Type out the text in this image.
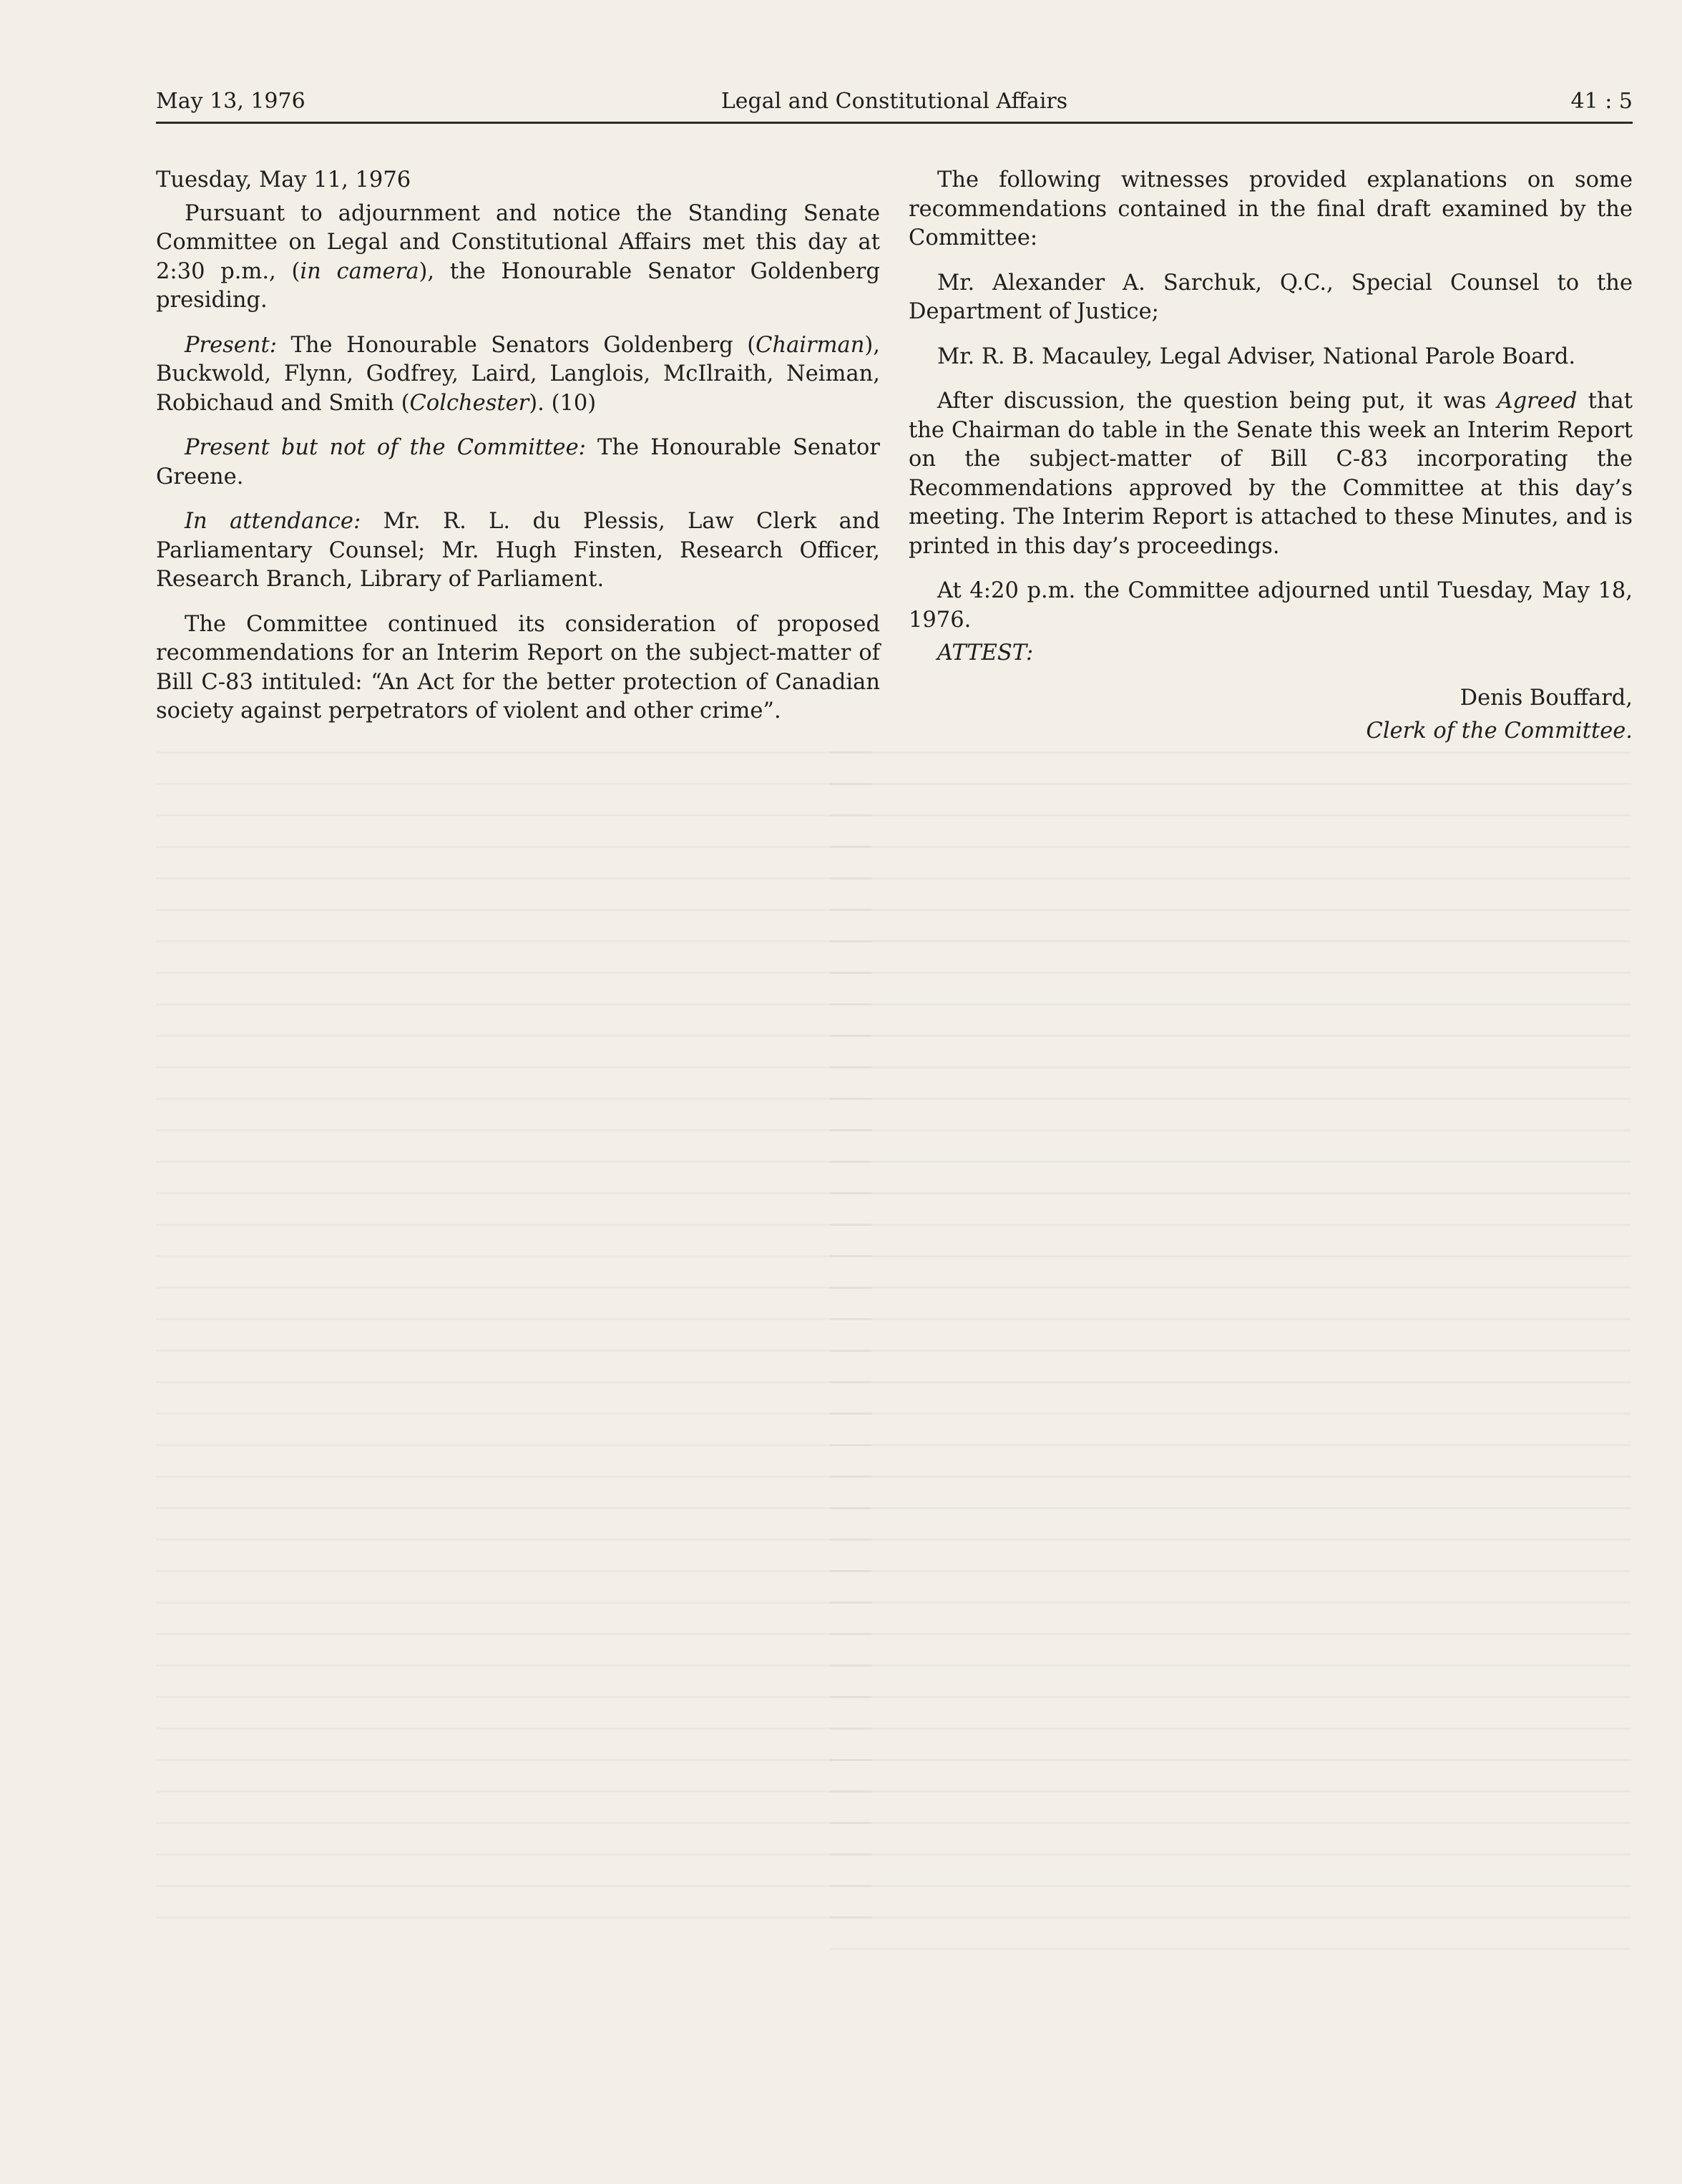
May 13, 1976	Legal and Constitutional Affairs	41 : 5

Tuesday, May 11, 1976

Pursuant to adjournment and notice the Standing Senate Committee on Legal and Constitutional Affairs met this day at 2:30 p.m., (in camera), the Honourable Senator Goldenberg presiding.

Present: The Honourable Senators Goldenberg (Chairman), Buckwold, Flynn, Godfrey, Laird, Langlois, McIlraith, Neiman, Robichaud and Smith (Colchester). (10)

Present but not of the Committee: The Honourable Senator Greene.

In attendance: Mr. R. L. du Plessis, Law Clerk and Parliamentary Counsel; Mr. Hugh Finsten, Research Officer, Research Branch, Library of Parliament.

The Committee continued its consideration of proposed recommendations for an Interim Report on the subject-matter of Bill C-83 intituled: “An Act for the better protection of Canadian society against perpetrators of violent and other crime”.

The following witnesses provided explanations on some recommendations contained in the final draft examined by the Committee:

Mr. Alexander A. Sarchuk, Q.C., Special Counsel to the Department of Justice;

Mr. R. B. Macauley, Legal Adviser, National Parole Board.

After discussion, the question being put, it was Agreed that the Chairman do table in the Senate this week an Interim Report on the subject-matter of Bill C-83 incorporating the Recommendations approved by the Committee at this day’s meeting. The Interim Report is attached to these Minutes, and is printed in this day’s proceedings.

At 4:20 p.m. the Committee adjourned until Tuesday, May 18, 1976.

ATTEST:

Denis Bouffard,

Clerk of the Committee.
